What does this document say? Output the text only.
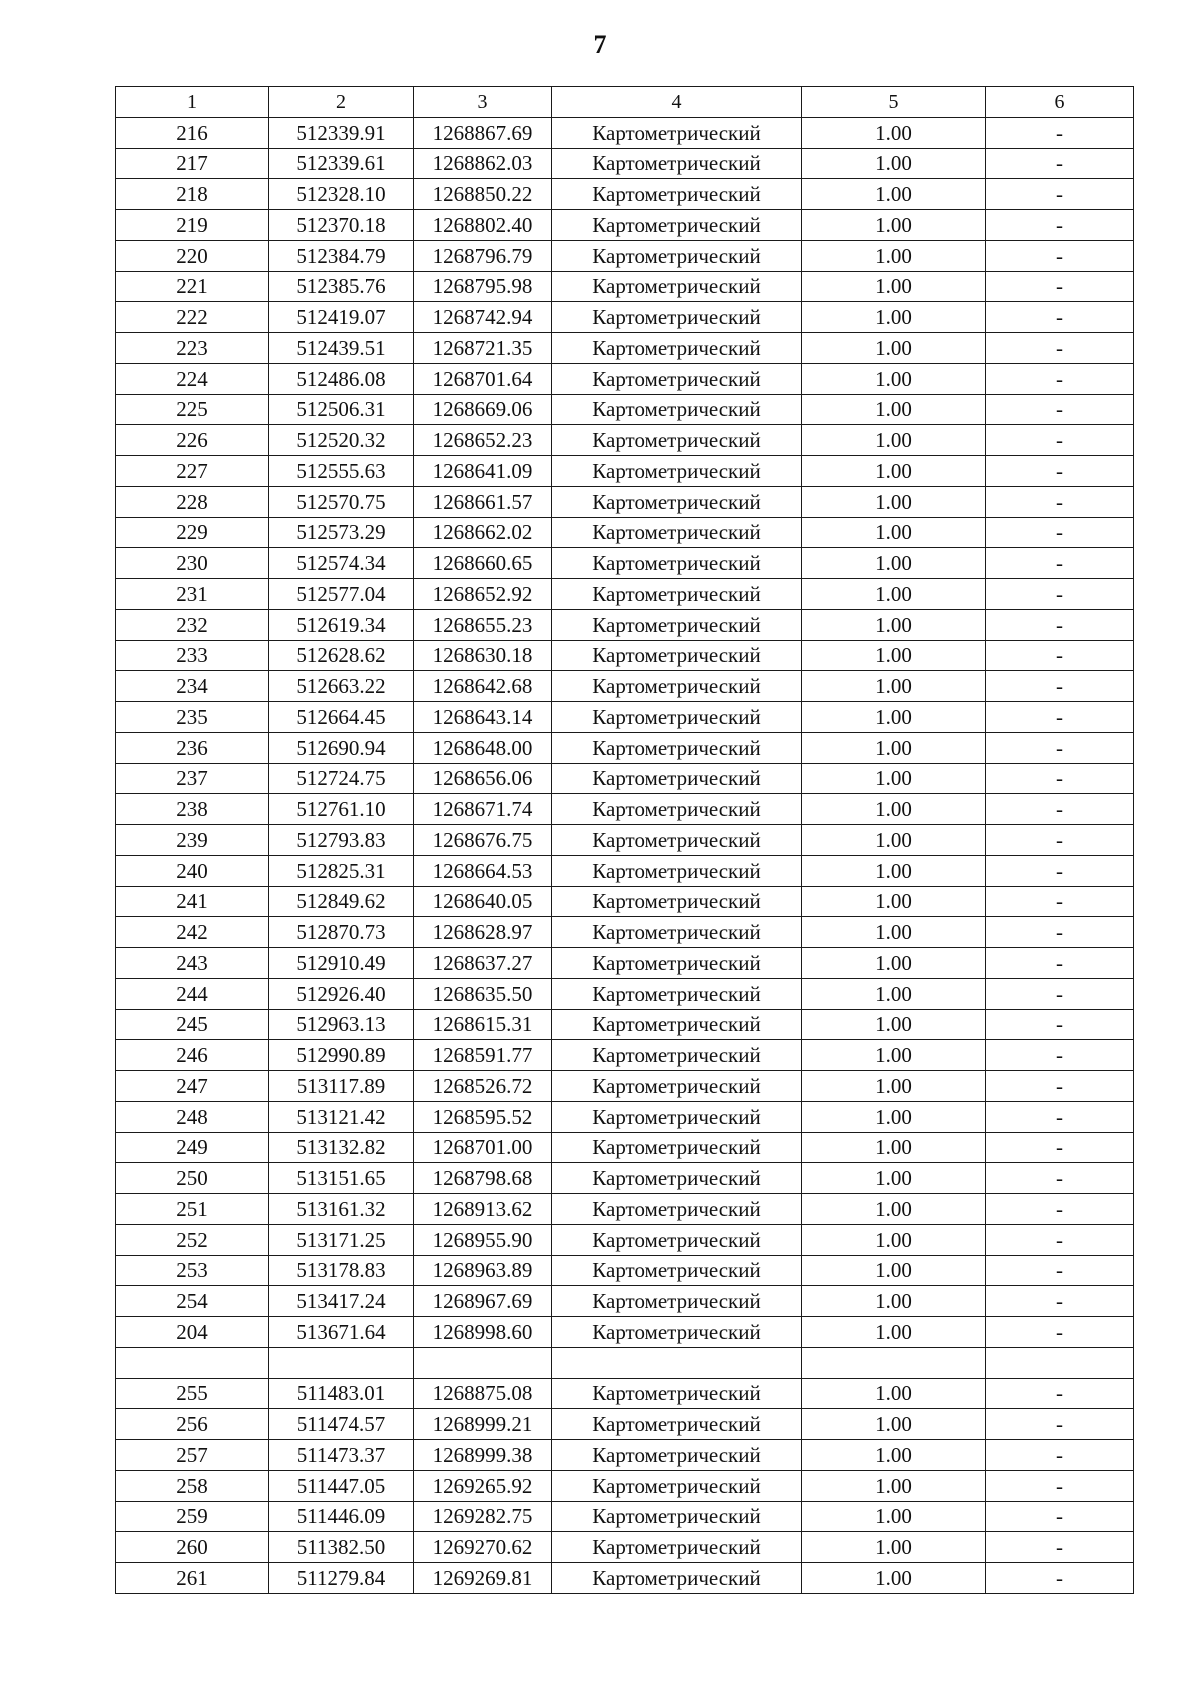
7
1	2	3	4	5	6
216	512339.91	1268867.69	Картометрический	1.00	-
217	512339.61	1268862.03	Картометрический	1.00	-
218	512328.10	1268850.22	Картометрический	1.00	-
219	512370.18	1268802.40	Картометрический	1.00	-
220	512384.79	1268796.79	Картометрический	1.00	-
221	512385.76	1268795.98	Картометрический	1.00	-
222	512419.07	1268742.94	Картометрический	1.00	-
223	512439.51	1268721.35	Картометрический	1.00	-
224	512486.08	1268701.64	Картометрический	1.00	-
225	512506.31	1268669.06	Картометрический	1.00	-
226	512520.32	1268652.23	Картометрический	1.00	-
227	512555.63	1268641.09	Картометрический	1.00	-
228	512570.75	1268661.57	Картометрический	1.00	-
229	512573.29	1268662.02	Картометрический	1.00	-
230	512574.34	1268660.65	Картометрический	1.00	-
231	512577.04	1268652.92	Картометрический	1.00	-
232	512619.34	1268655.23	Картометрический	1.00	-
233	512628.62	1268630.18	Картометрический	1.00	-
234	512663.22	1268642.68	Картометрический	1.00	-
235	512664.45	1268643.14	Картометрический	1.00	-
236	512690.94	1268648.00	Картометрический	1.00	-
237	512724.75	1268656.06	Картометрический	1.00	-
238	512761.10	1268671.74	Картометрический	1.00	-
239	512793.83	1268676.75	Картометрический	1.00	-
240	512825.31	1268664.53	Картометрический	1.00	-
241	512849.62	1268640.05	Картометрический	1.00	-
242	512870.73	1268628.97	Картометрический	1.00	-
243	512910.49	1268637.27	Картометрический	1.00	-
244	512926.40	1268635.50	Картометрический	1.00	-
245	512963.13	1268615.31	Картометрический	1.00	-
246	512990.89	1268591.77	Картометрический	1.00	-
247	513117.89	1268526.72	Картометрический	1.00	-
248	513121.42	1268595.52	Картометрический	1.00	-
249	513132.82	1268701.00	Картометрический	1.00	-
250	513151.65	1268798.68	Картометрический	1.00	-
251	513161.32	1268913.62	Картометрический	1.00	-
252	513171.25	1268955.90	Картометрический	1.00	-
253	513178.83	1268963.89	Картометрический	1.00	-
254	513417.24	1268967.69	Картометрический	1.00	-
204	513671.64	1268998.60	Картометрический	1.00	-

255	511483.01	1268875.08	Картометрический	1.00	-
256	511474.57	1268999.21	Картометрический	1.00	-
257	511473.37	1268999.38	Картометрический	1.00	-
258	511447.05	1269265.92	Картометрический	1.00	-
259	511446.09	1269282.75	Картометрический	1.00	-
260	511382.50	1269270.62	Картометрический	1.00	-
261	511279.84	1269269.81	Картометрический	1.00	-
